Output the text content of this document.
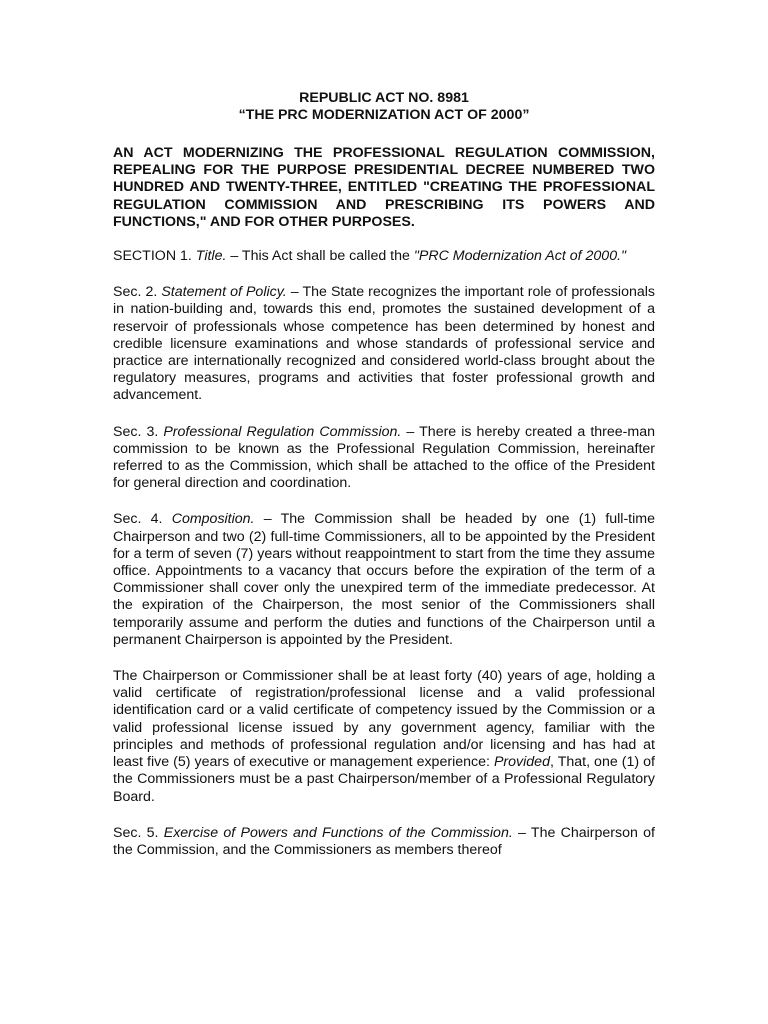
REPUBLIC ACT NO. 8981

“THE PRC MODERNIZATION ACT OF 2000”

AN ACT MODERNIZING THE PROFESSIONAL REGULATION COMMISSION, REPEALING FOR THE PURPOSE PRESIDENTIAL DECREE NUMBERED TWO HUNDRED AND TWENTY-THREE, ENTITLED "CREATING THE PROFESSIONAL REGULATION COMMISSION AND PRESCRIBING ITS POWERS AND FUNCTIONS," AND FOR OTHER PURPOSES.

SECTION 1. Title. – This Act shall be called the "PRC Modernization Act of 2000."

Sec. 2. Statement of Policy. – The State recognizes the important role of professionals in nation-building and, towards this end, promotes the sustained development of a reservoir of professionals whose competence has been determined by honest and credible licensure examinations and whose standards of professional service and practice are internationally recognized and considered world-class brought about the regulatory measures, programs and activities that foster professional growth and advancement.

Sec. 3. Professional Regulation Commission. – There is hereby created a three-man commission to be known as the Professional Regulation Commission, hereinafter referred to as the Commission, which shall be attached to the office of the President for general direction and coordination.

Sec. 4. Composition. – The Commission shall be headed by one (1) full-time Chairperson and two (2) full-time Commissioners, all to be appointed by the President for a term of seven (7) years without reappointment to start from the time they assume office. Appointments to a vacancy that occurs before the expiration of the term of a Commissioner shall cover only the unexpired term of the immediate predecessor. At the expiration of the Chairperson, the most senior of the Commissioners shall temporarily assume and perform the duties and functions of the Chairperson until a permanent Chairperson is appointed by the President.

The Chairperson or Commissioner shall be at least forty (40) years of age, holding a valid certificate of registration/professional license and a valid professional identification card or a valid certificate of competency issued by the Commission or a valid professional license issued by any government agency, familiar with the principles and methods of professional regulation and/or licensing and has had at least five (5) years of executive or management experience: Provided, That, one (1) of the Commissioners must be a past Chairperson/member of a Professional Regulatory Board.

Sec. 5. Exercise of Powers and Functions of the Commission. – The Chairperson of the Commission, and the Commissioners as members thereof
